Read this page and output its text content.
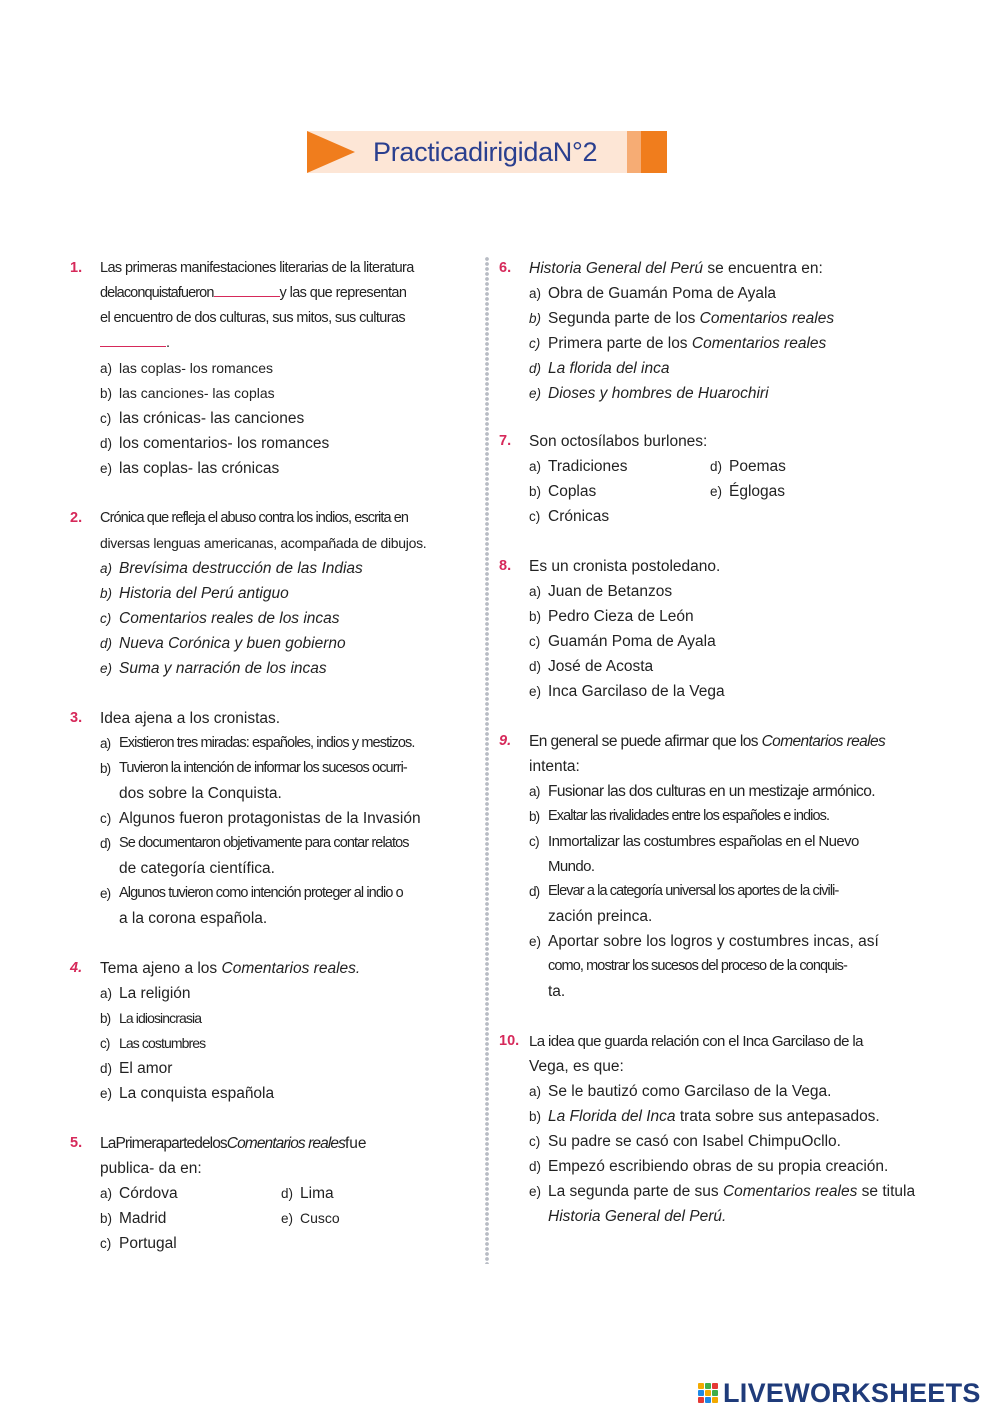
PracticadirigidaN°2
1. Las primeras manifestaciones literarias de la literatura
delaconquistafueron	y las que representan
el encuentro de dos culturas, sus mitos, sus culturas
.
a) las coplas- los romances
b) las canciones- las coplas
c) las crónicas- las canciones
d) los comentarios- los romances
e) las coplas- las crónicas
2. Crónica que refleja el abuso contra los indios, escrita en
diversas lenguas americanas, acompañada de dibujos.
a) Brevísima destrucción de las Indias
b) Historia del Perú antiguo
c) Comentarios reales de los incas
d) Nueva Corónica y buen gobierno
e) Suma y narración de los incas
3. Idea ajena a los cronistas.
a) Existieron tres miradas: españoles, indios y mestizos.
b) Tuvieron la intención de informar los sucesos ocurri-
dos sobre la Conquista.
c) Algunos fueron protagonistas de la Invasión
d) Se documentaron objetivamente para contar relatos
de categoría científica.
e) Algunos tuvieron como intención proteger al indio o
a la corona española.
4. Tema ajeno a los Comentarios reales.
a) La religión
b) La idiosincrasia
c) Las costumbres
d) El amor
e) La conquista española
5. LaPrimerapartedelosComentarios realesfue
publica- da en:
a) Córdova	d) Lima
b) Madrid	e) Cusco
c) Portugal
6. Historia General del Perú se encuentra en:
a) Obra de Guamán Poma de Ayala
b) Segunda parte de los Comentarios reales
c) Primera parte de los Comentarios reales
d) La florida del inca
e) Dioses y hombres de Huarochiri
7. Son octosílabos burlones:
a) Tradiciones	d) Poemas
b) Coplas	e) Églogas
c) Crónicas
8. Es un cronista postoledano.
a) Juan de Betanzos
b) Pedro Cieza de León
c) Guamán Poma de Ayala
d) José de Acosta
e) Inca Garcilaso de la Vega
9. En general se puede afirmar que los Comentarios reales
intenta:
a) Fusionar las dos culturas en un mestizaje armónico.
b) Exaltar las rivalidades entre los españoles e indios.
c) Inmortalizar las costumbres españolas en el Nuevo
Mundo.
d) Elevar a la categoría universal los aportes de la civili-
zación preinca.
e) Aportar sobre los logros y costumbres incas, así
como, mostrar los sucesos del proceso de la conquis-
ta.
10. La idea que guarda relación con el Inca Garcilaso de la
Vega, es que:
a) Se le bautizó como Garcilaso de la Vega.
b) La Florida del Inca trata sobre sus antepasados.
c) Su padre se casó con Isabel ChimpuOcllo.
d) Empezó escribiendo obras de su propia creación.
e) La segunda parte de sus Comentarios reales se titula
Historia General del Perú.
LIVEWORKSHEETS
